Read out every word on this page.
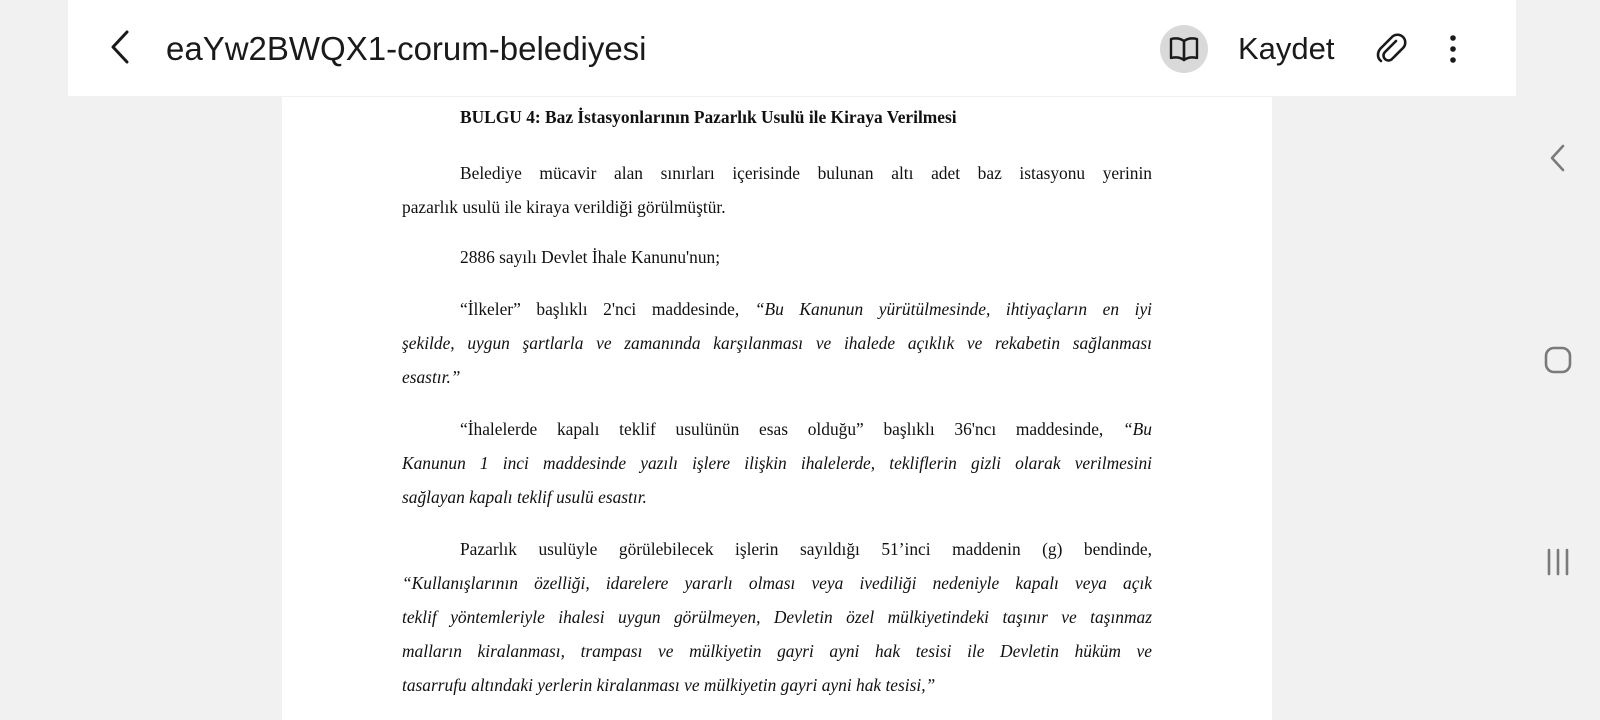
eaYw2BWQX1-corum-belediyesi	Kaydet
BULGU 4: Baz İstasyonlarının Pazarlık Usulü ile Kiraya Verilmesi
Belediye mücavir alan sınırları içerisinde bulunan altı adet baz istasyonu yerinin
pazarlık usulü ile kiraya verildiği görülmüştür.
2886 sayılı Devlet İhale Kanunu'nun;
“İlkeler” başlıklı 2'nci maddesinde, “Bu Kanunun yürütülmesinde, ihtiyaçların en iyi
şekilde, uygun şartlarla ve zamanında karşılanması ve ihalede açıklık ve rekabetin sağlanması
esastır.”
“İhalelerde kapalı teklif usulünün esas olduğu” başlıklı 36'ncı maddesinde, “Bu
Kanunun 1 inci maddesinde yazılı işlere ilişkin ihalelerde, tekliflerin gizli olarak verilmesini
sağlayan kapalı teklif usulü esastır.
Pazarlık usulüyle görülebilecek işlerin sayıldığı 51’inci maddenin (g) bendinde,
“Kullanışlarının özelliği, idarelere yararlı olması veya ivediliği nedeniyle kapalı veya açık
teklif yöntemleriyle ihalesi uygun görülmeyen, Devletin özel mülkiyetindeki taşınır ve taşınmaz
malların kiralanması, trampası ve mülkiyetin gayri ayni hak tesisi ile Devletin hüküm ve
tasarrufu altındaki yerlerin kiralanması ve mülkiyetin gayri ayni hak tesisi,”
